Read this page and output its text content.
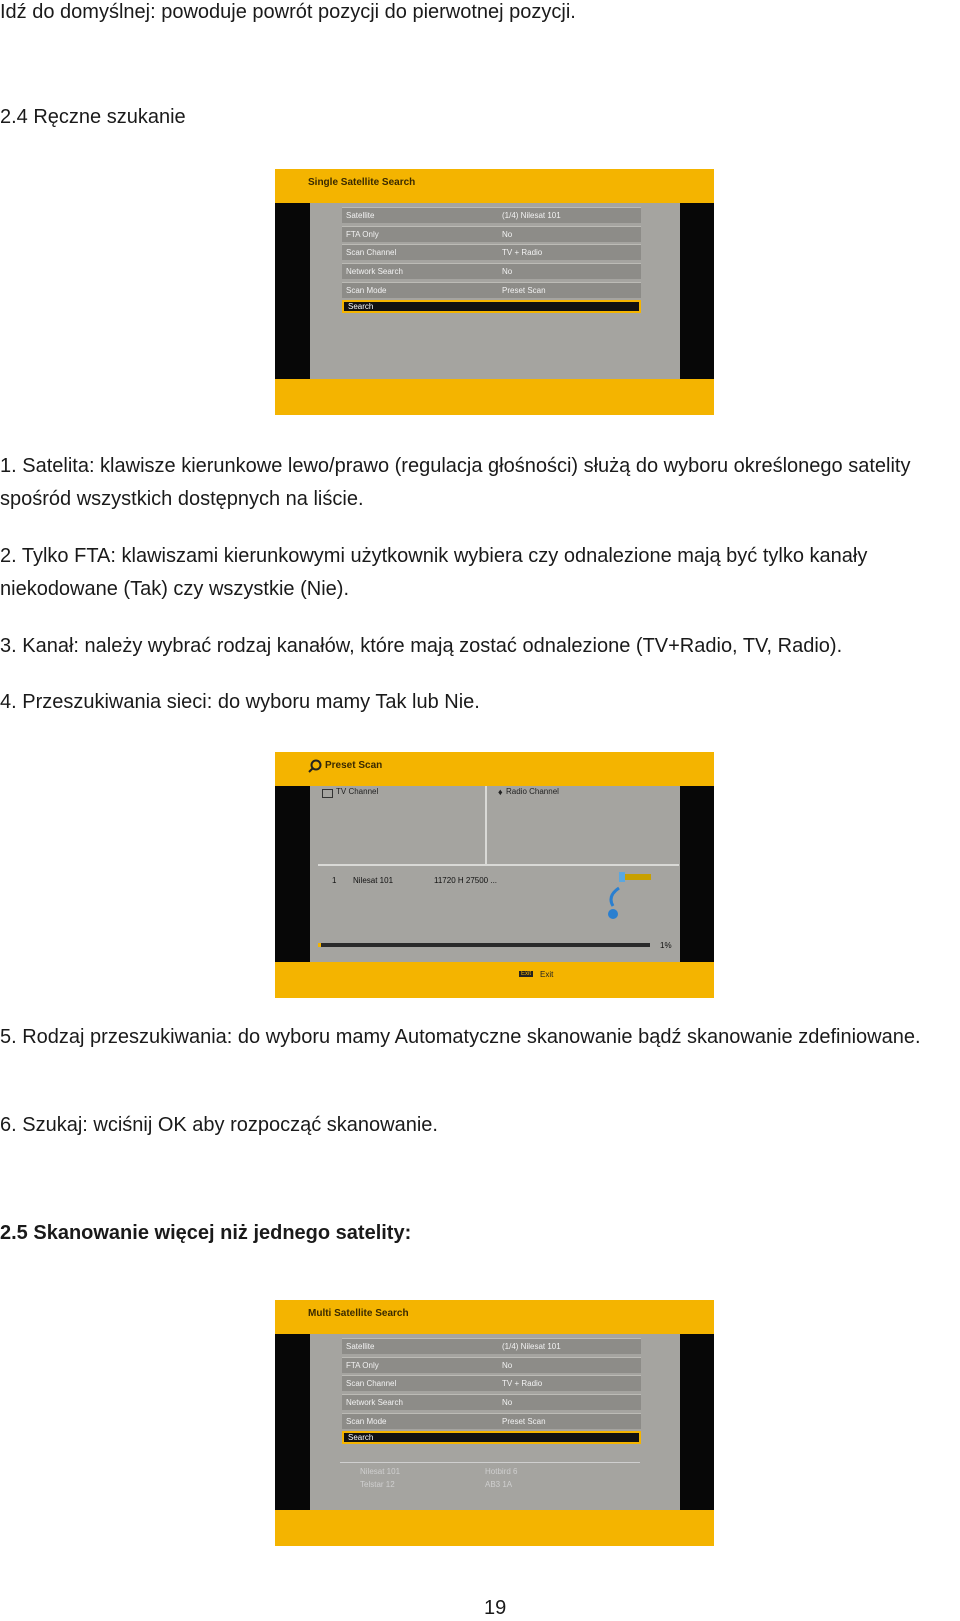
Idź do domyślnej: powoduje powrót pozycji do pierwotnej pozycji.

2.4 Ręczne szukanie

Single Satellite Search
Satellite	(1/4) Nilesat 101
FTA Only	No
Scan Channel	TV + Radio
Network Search	No
Scan Mode	Preset Scan
Search

1. Satelita: klawisze kierunkowe lewo/prawo (regulacja głośności) służą do wyboru określonego satelity spośród wszystkich dostępnych na liście.

2. Tylko FTA: klawiszami kierunkowymi użytkownik wybiera czy odnalezione mają być tylko kanały niekodowane (Tak) czy wszystkie (Nie).

3. Kanał: należy wybrać rodzaj kanałów, które mają zostać odnalezione (TV+Radio, TV, Radio).

4. Przeszukiwania sieci: do wyboru mamy Tak lub Nie.

Preset Scan
TV Channel	♦ Radio Channel
1 Nilesat 101	11720 H 27500 ...
1%
Exit Exit

5. Rodzaj przeszukiwania: do wyboru mamy Automatyczne skanowanie bądź skanowanie zdefiniowane.

6. Szukaj: wciśnij OK aby rozpocząć skanowanie.

2.5 Skanowanie więcej niż jednego satelity:

Multi Satellite Search
Satellite	(1/4) Nilesat 101
FTA Only	No
Scan Channel	TV + Radio
Network Search	No
Scan Mode	Preset Scan
Search
Nilesat 101	Hotbird 6
Telstar 12	AB3 1A
19
